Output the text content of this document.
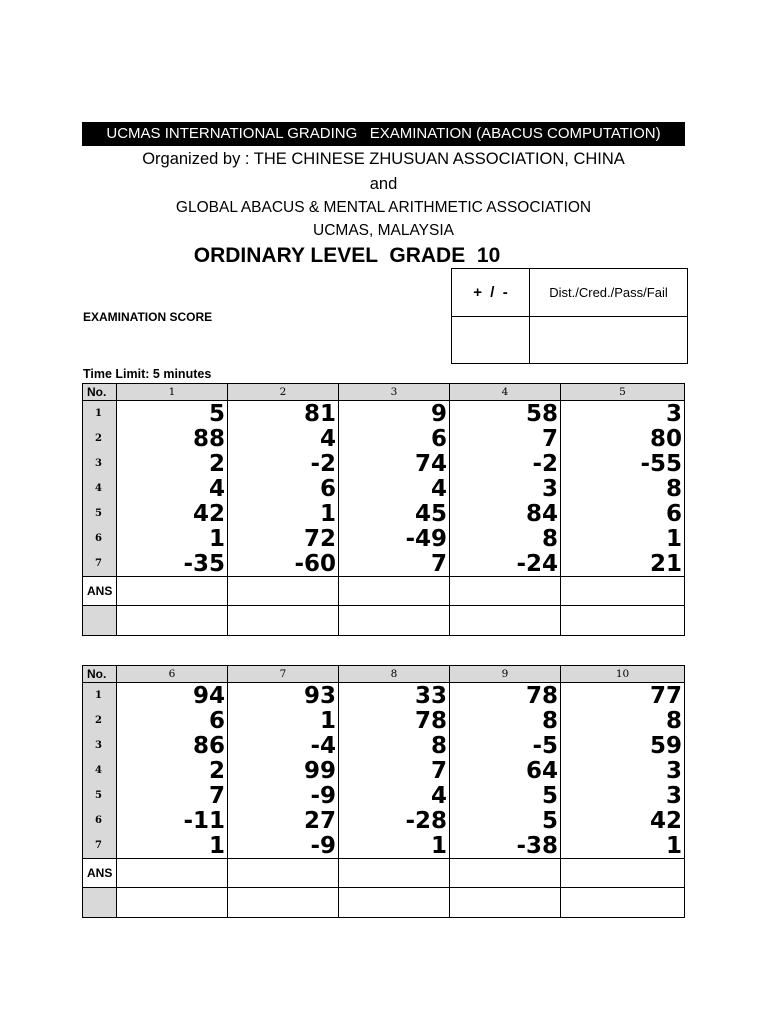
UCMAS INTERNATIONAL GRADING   EXAMINATION (ABACUS COMPUTATION)
Organized by : THE CHINESE ZHUSUAN ASSOCIATION, CHINA
and
GLOBAL ABACUS & MENTAL ARITHMETIC ASSOCIATION
UCMAS, MALAYSIA
ORDINARY LEVEL  GRADE  10
+  /  -	Dist./Cred./Pass/Fail

EXAMINATION SCORE
Time Limit: 5 minutes
No.	1	2	3	4	5
1	5	81	9	58	3
2	88	4	6	7	80
3	2	-2	74	-2	-55
4	4	6	4	3	8
5	42	1	45	84	6
6	1	72	-49	8	1
7	-35	-60	7	-24	21
ANS					

No.	6	7	8	9	10
1	94	93	33	78	77
2	6	1	78	8	8
3	86	-4	8	-5	59
4	2	99	7	64	3
5	7	-9	4	5	3
6	-11	27	-28	5	42
7	1	-9	1	-38	1
ANS					
